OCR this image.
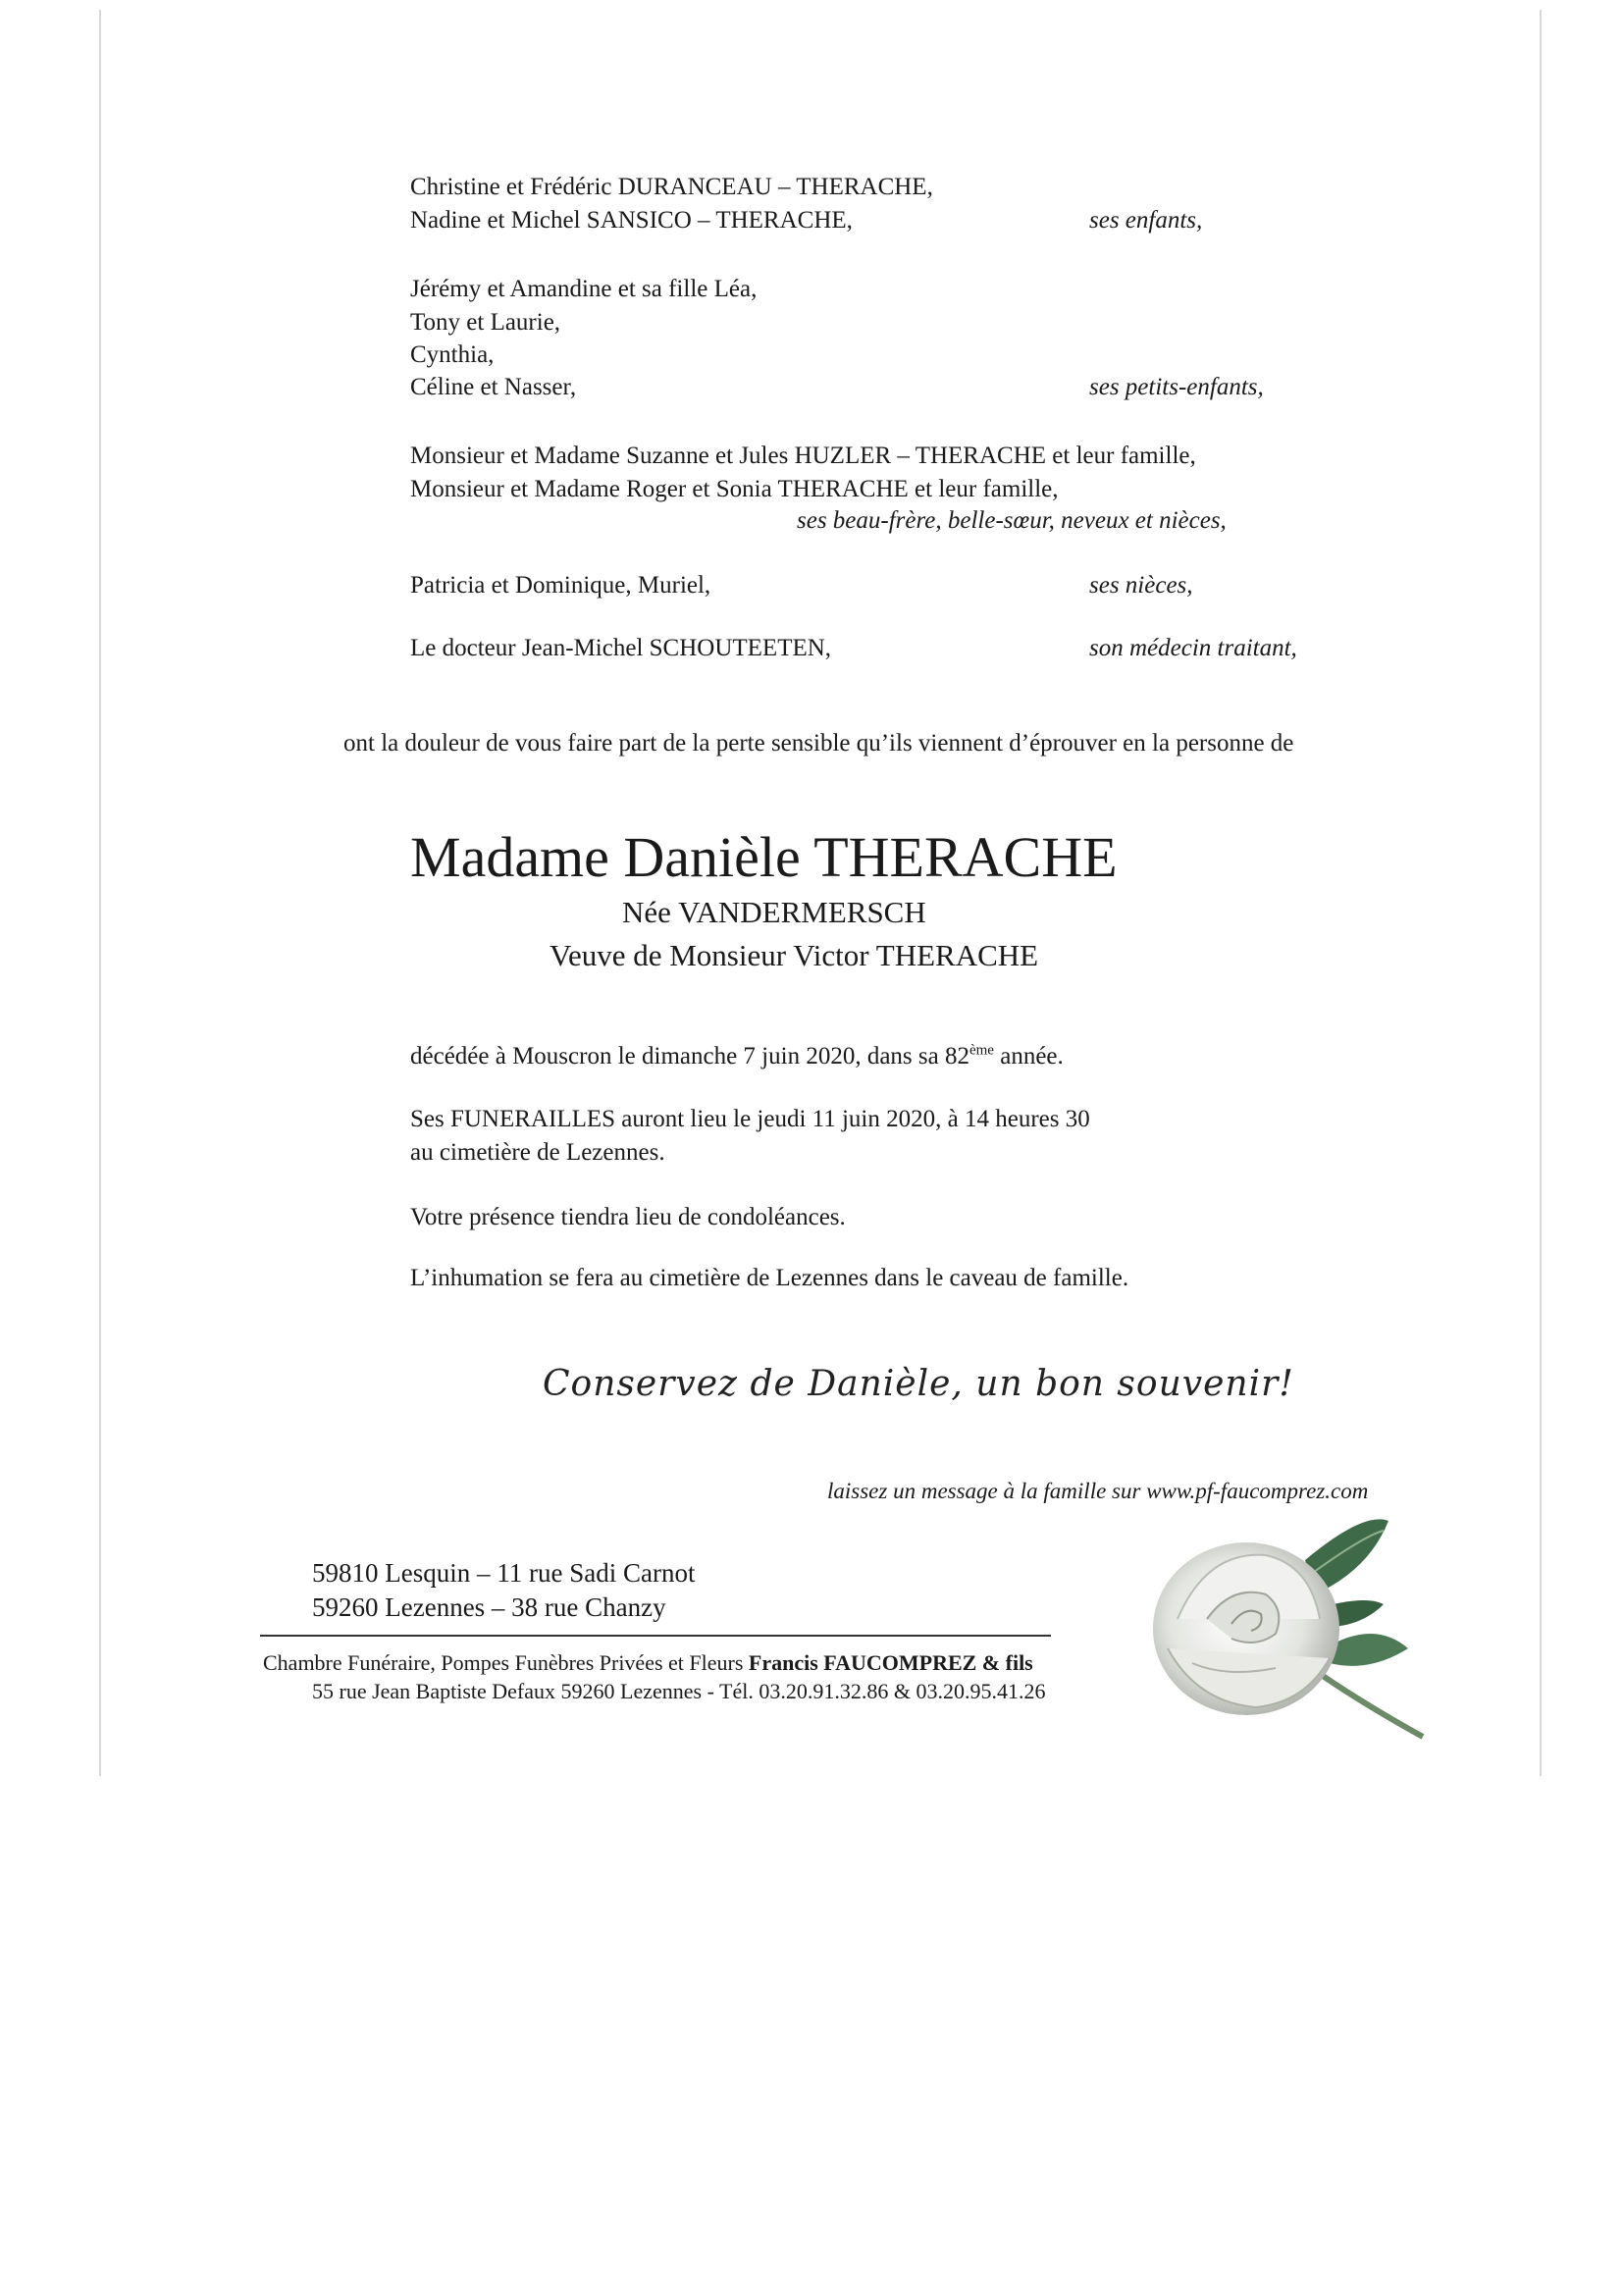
Christine et Frédéric DURANCEAU – THERACHE,
Nadine et Michel SANSICO – THERACHE,	ses enfants,
Jérémy et Amandine et sa fille Léa,
Tony et Laurie,
Cynthia,
Céline et Nasser,	ses petits-enfants,
Monsieur et Madame Suzanne et Jules HUZLER – THERACHE et leur famille,
Monsieur et Madame Roger et Sonia THERACHE et leur famille,
ses beau-frère, belle-sœur, neveux et nièces,
Patricia et Dominique, Muriel,	ses nièces,
Le docteur Jean-Michel SCHOUTEETEN,	son médecin traitant,
ont la douleur de vous faire part de la perte sensible qu’ils viennent d’éprouver en la personne de
Madame Danièle THERACHE
Née VANDERMERSCH
Veuve de Monsieur Victor THERACHE
décédée à Mouscron le dimanche 7 juin 2020, dans sa 82ème année.
Ses FUNERAILLES auront lieu le jeudi 11 juin 2020, à 14 heures 30
au cimetière de Lezennes.
Votre présence tiendra lieu de condoléances.
L’inhumation se fera au cimetière de Lezennes dans le caveau de famille.
Conservez de Danièle, un bon souvenir!
laissez un message à la famille sur www.pf-faucomprez.com
59810 Lesquin – 11 rue Sadi Carnot
59260 Lezennes – 38 rue Chanzy
Chambre Funéraire, Pompes Funèbres Privées et Fleurs Francis FAUCOMPREZ & fils
55 rue Jean Baptiste Defaux 59260 Lezennes - Tél. 03.20.91.32.86 & 03.20.95.41.26
